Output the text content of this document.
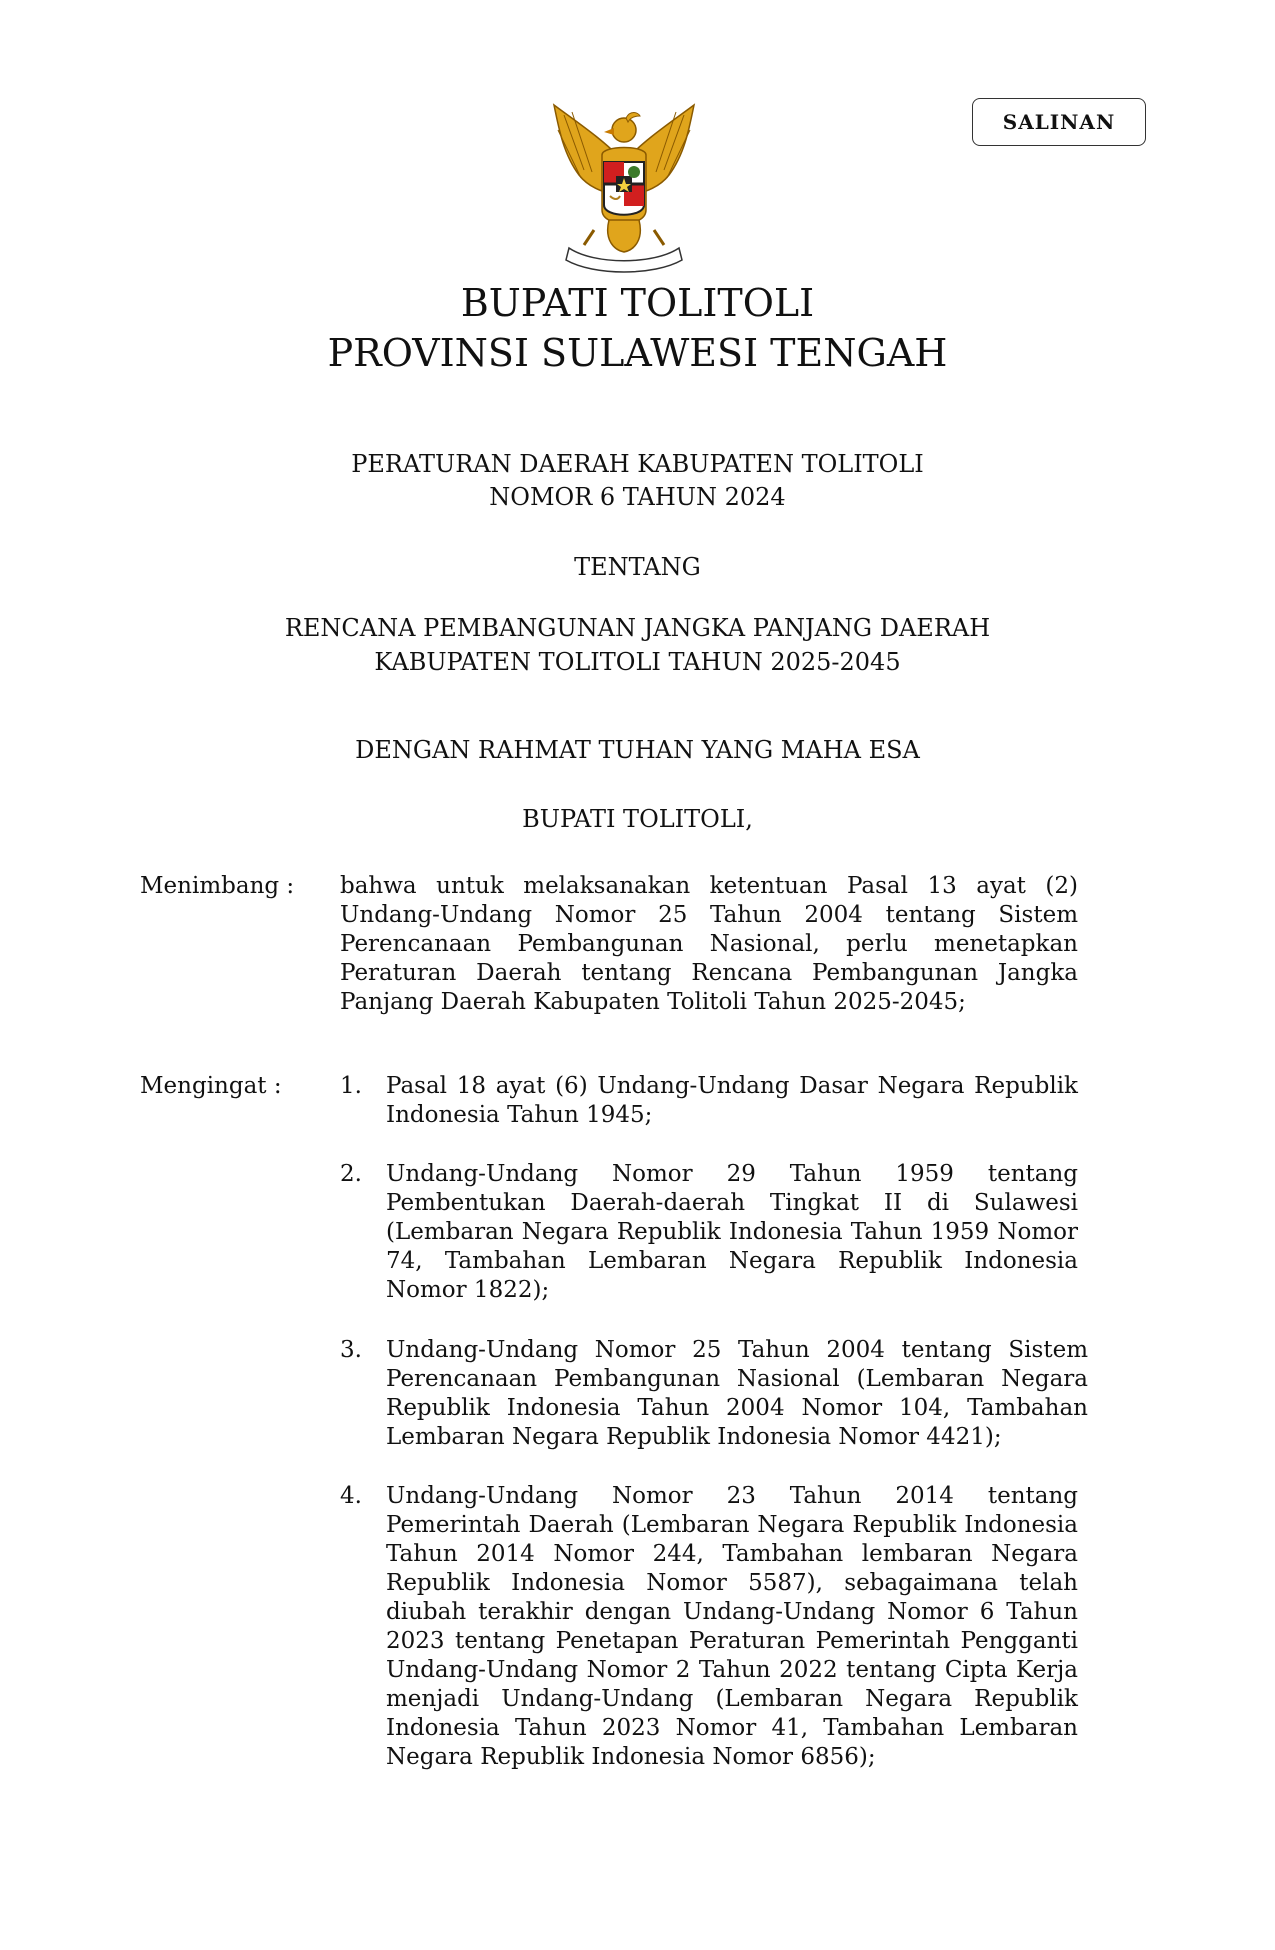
SALINAN
BUPATI TOLITOLI
PROVINSI SULAWESI TENGAH
PERATURAN DAERAH KABUPATEN TOLITOLI
NOMOR 6 TAHUN 2024
TENTANG
RENCANA PEMBANGUNAN JANGKA PANJANG DAERAH
KABUPATEN TOLITOLI TAHUN 2025-2045
DENGAN RAHMAT TUHAN YANG MAHA ESA
BUPATI TOLITOLI,
Menimbang : bahwa untuk melaksanakan ketentuan Pasal 13 ayat (2) Undang-Undang Nomor 25 Tahun 2004 tentang Sistem Perencanaan Pembangunan Nasional, perlu menetapkan Peraturan Daerah tentang Rencana Pembangunan Jangka Panjang Daerah Kabupaten Tolitoli Tahun 2025-2045;
Mengingat :	1. Pasal 18 ayat (6) Undang-Undang Dasar Negara Republik Indonesia Tahun 1945;
2. Undang-Undang Nomor 29 Tahun 1959 tentang Pembentukan Daerah-daerah Tingkat II di Sulawesi (Lembaran Negara Republik Indonesia Tahun 1959 Nomor 74, Tambahan Lembaran Negara Republik Indonesia Nomor 1822);
3. Undang-Undang Nomor 25 Tahun 2004 tentang Sistem Perencanaan Pembangunan Nasional (Lembaran Negara Republik Indonesia Tahun 2004 Nomor 104, Tambahan Lembaran Negara Republik Indonesia Nomor 4421);
4. Undang-Undang Nomor 23 Tahun 2014 tentang Pemerintah Daerah (Lembaran Negara Republik Indonesia Tahun 2014 Nomor 244, Tambahan lembaran Negara Republik Indonesia Nomor 5587), sebagaimana telah diubah terakhir dengan Undang-Undang Nomor 6 Tahun 2023 tentang Penetapan Peraturan Pemerintah Pengganti Undang-Undang Nomor 2 Tahun 2022 tentang Cipta Kerja menjadi Undang-Undang (Lembaran Negara Republik Indonesia Tahun 2023 Nomor 41, Tambahan Lembaran Negara Republik Indonesia Nomor 6856);
